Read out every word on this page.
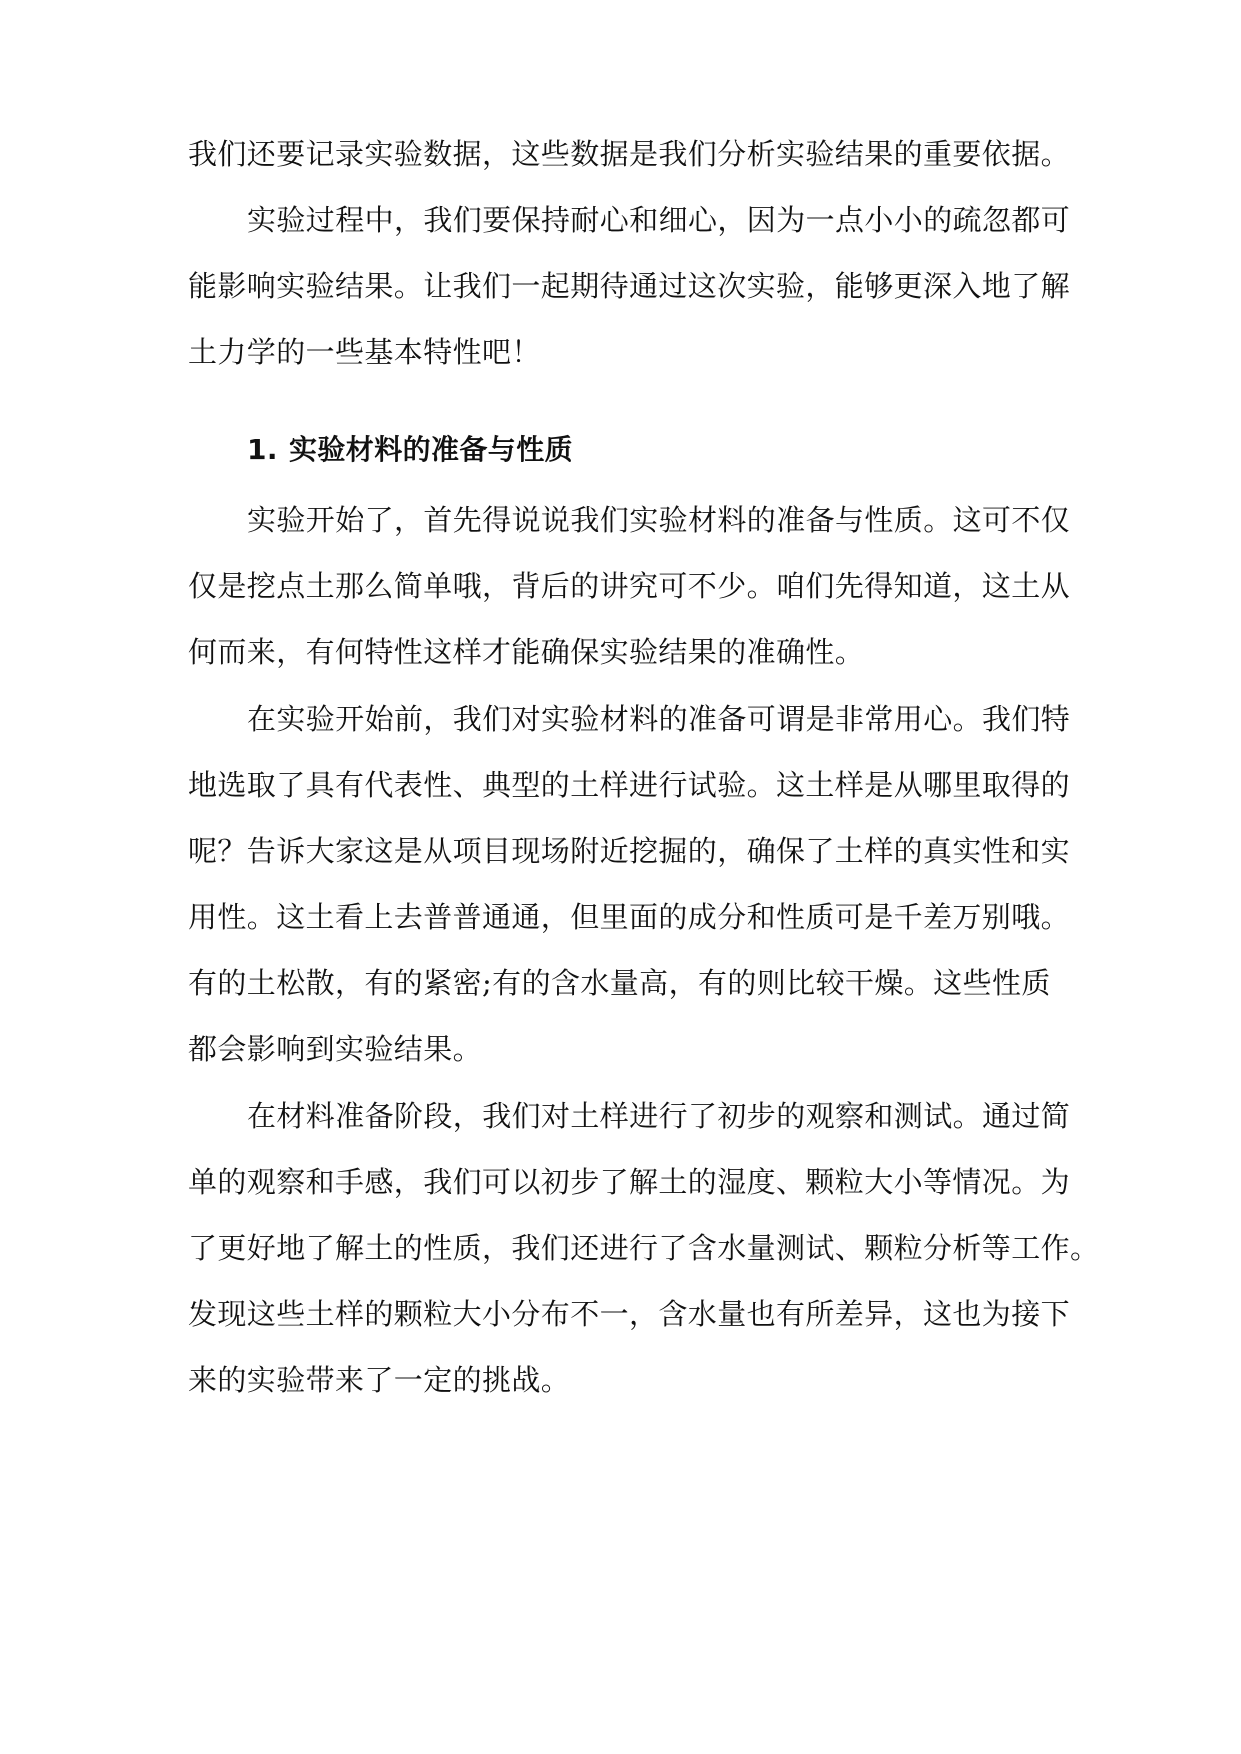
我们还要记录实验数据，这些数据是我们分析实验结果的重要依据。
实验过程中，我们要保持耐心和细心，因为一点小小的疏忽都可
能影响实验结果。让我们一起期待通过这次实验，能够更深入地了解
土力学的一些基本特性吧！
1. 实验材料的准备与性质
实验开始了，首先得说说我们实验材料的准备与性质。这可不仅
仅是挖点土那么简单哦，背后的讲究可不少。咱们先得知道，这土从
何而来，有何特性这样才能确保实验结果的准确性。
在实验开始前，我们对实验材料的准备可谓是非常用心。我们特
地选取了具有代表性、典型的土样进行试验。这土样是从哪里取得的
呢？告诉大家这是从项目现场附近挖掘的，确保了土样的真实性和实
用性。这土看上去普普通通，但里面的成分和性质可是千差万别哦。
有的土松散，有的紧密;有的含水量高，有的则比较干燥。这些性质
都会影响到实验结果。
在材料准备阶段，我们对土样进行了初步的观察和测试。通过简
单的观察和手感，我们可以初步了解土的湿度、颗粒大小等情况。为
了更好地了解土的性质，我们还进行了含水量测试、颗粒分析等工作。
发现这些土样的颗粒大小分布不一，含水量也有所差异，这也为接下
来的实验带来了一定的挑战。
